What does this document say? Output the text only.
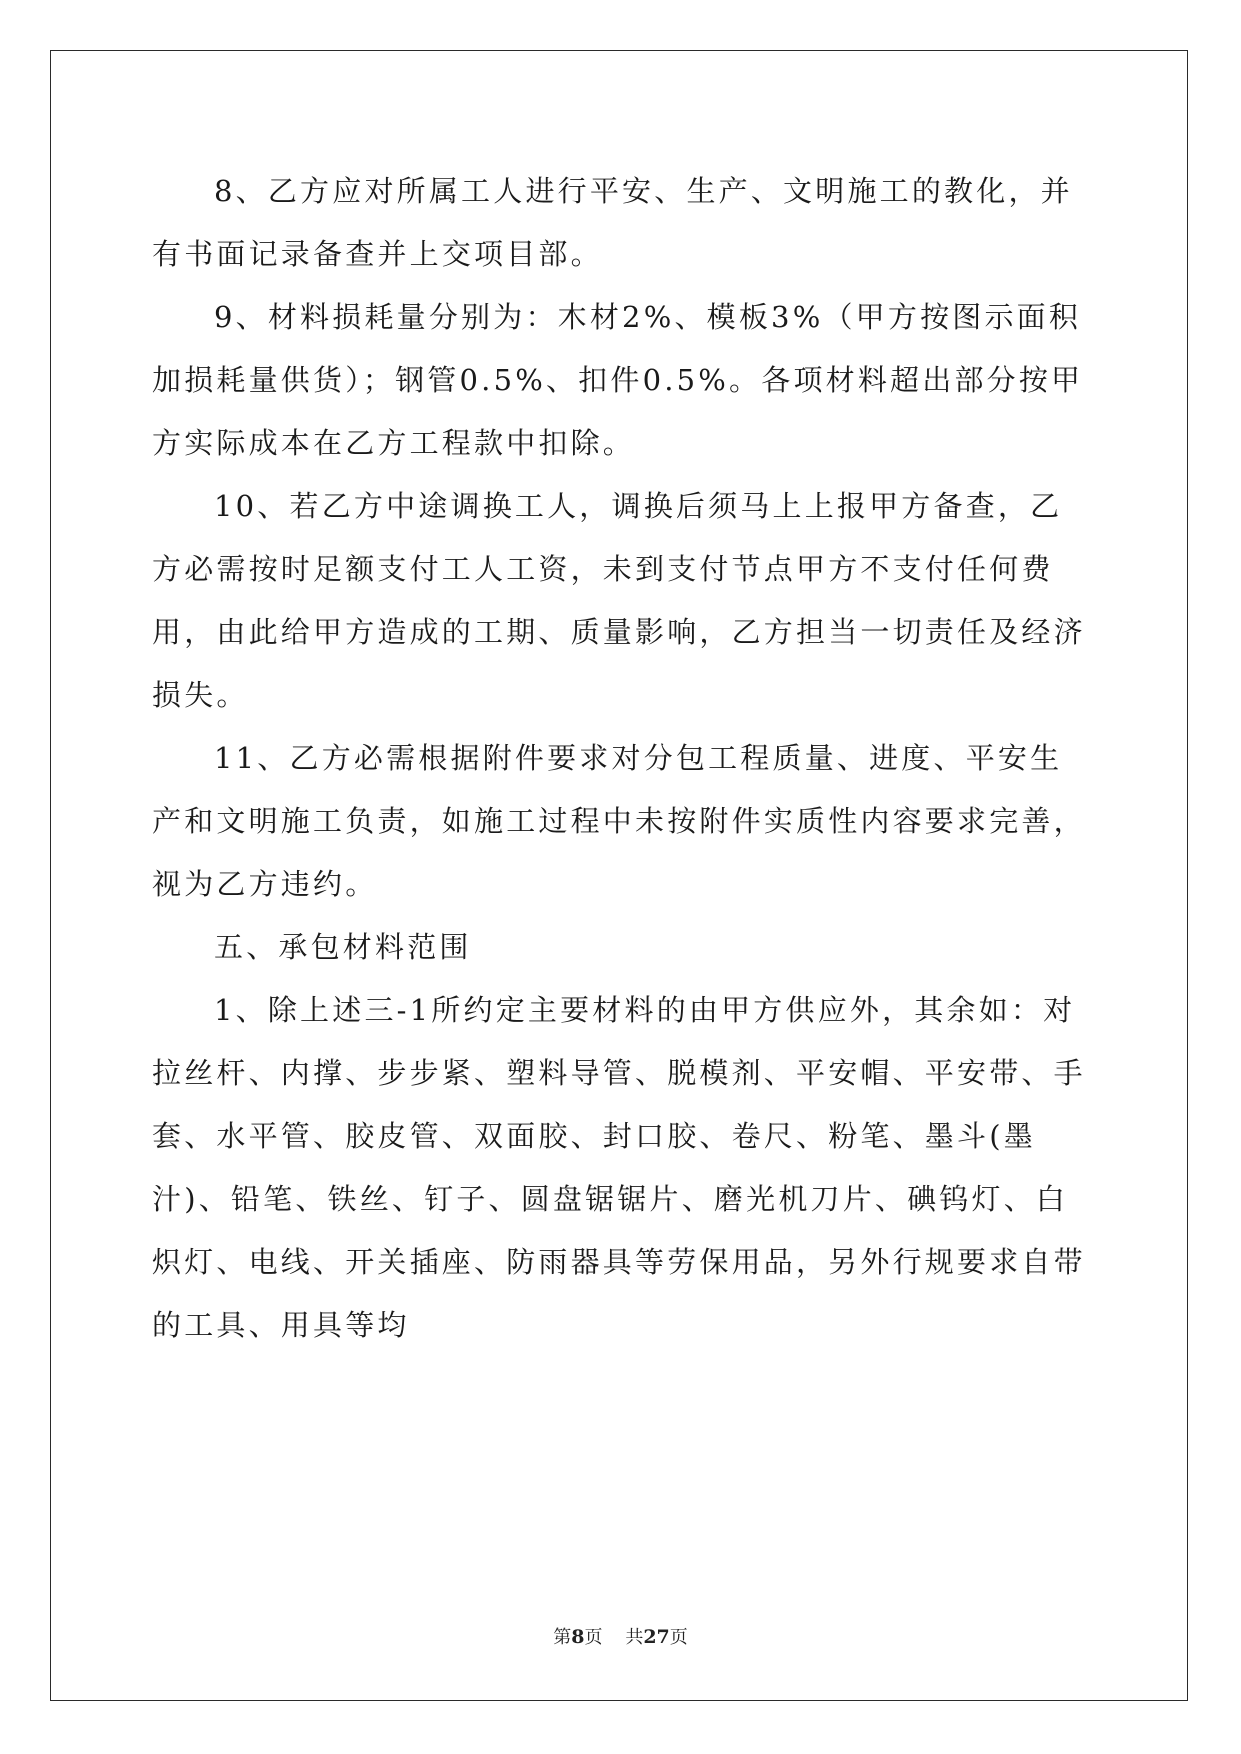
8、乙方应对所属工人进行平安、生产、文明施工的教化，并有书面记录备查并上交项目部。

9、材料损耗量分别为：木材2%、模板3%（甲方按图示面积加损耗量供货）；钢管0.5%、扣件0.5%。各项材料超出部分按甲方实际成本在乙方工程款中扣除。

10、若乙方中途调换工人，调换后须马上上报甲方备查，乙方必需按时足额支付工人工资，未到支付节点甲方不支付任何费用，由此给甲方造成的工期、质量影响，乙方担当一切责任及经济损失。

11、乙方必需根据附件要求对分包工程质量、进度、平安生产和文明施工负责，如施工过程中未按附件实质性内容要求完善，视为乙方违约。

五、承包材料范围

1、除上述三-1所约定主要材料的由甲方供应外，其余如：对拉丝杆、内撑、步步紧、塑料导管、脱模剂、平安帽、平安带、手套、水平管、胶皮管、双面胶、封口胶、卷尺、粉笔、墨斗(墨汁)、铅笔、铁丝、钉子、圆盘锯锯片、磨光机刀片、碘钨灯、白炽灯、电线、开关插座、防雨器具等劳保用品，另外行规要求自带的工具、用具等均

第8页    共27页
